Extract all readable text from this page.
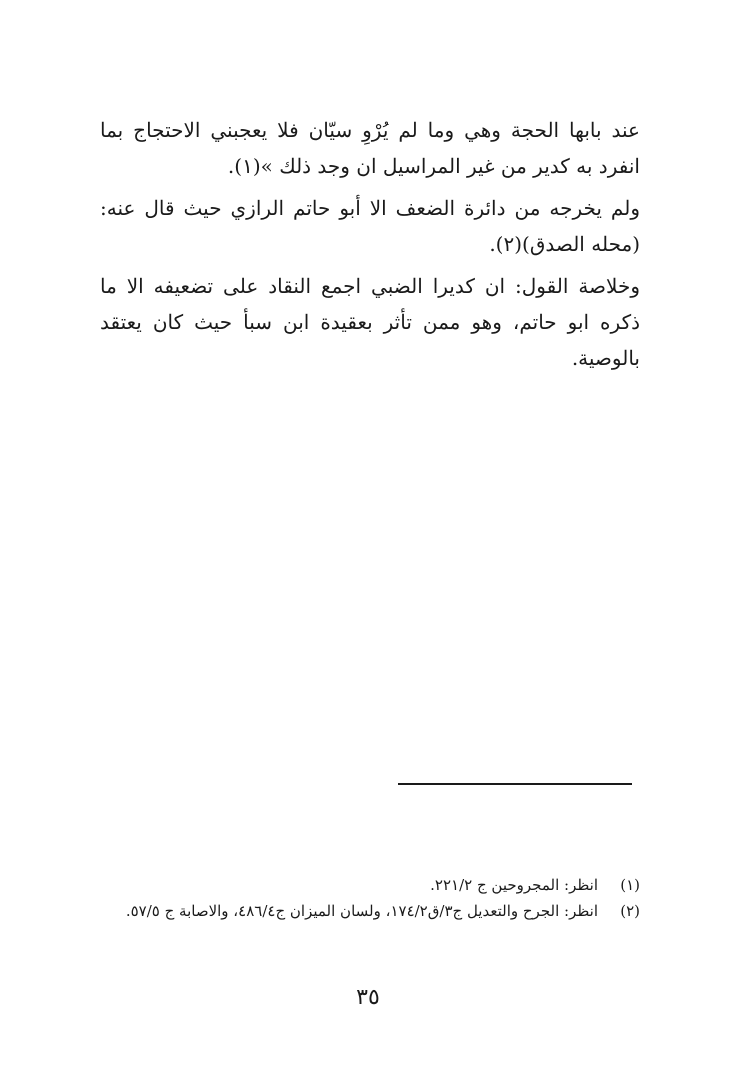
عند بابها الحجة وهي وما لم يُرْوِ سيّان فلا يعجبني الاحتجاج بما انفرد به كدير من غير المراسيل ان وجد ذلك »(١).

ولم يخرجه من دائرة الضعف الا أبو حاتم الرازي حيث قال عنه: (محله الصدق)(٢).

وخلاصة القول: ان كديرا الضبي اجمع النقاد على تضعيفه الا ما ذكره ابو حاتم، وهو ممن تأثر بعقيدة ابن سبأ حيث كان يعتقد بالوصية.

(١)
انظر: المجروحين ج ٢٢١/٢.
(٢)
انظر: الجرح والتعديل ج٣/ق١٧٤/٢، ولسان الميزان ج٤٨٦/٤، والاصابة ج ٥٧/٥.
٣٥
